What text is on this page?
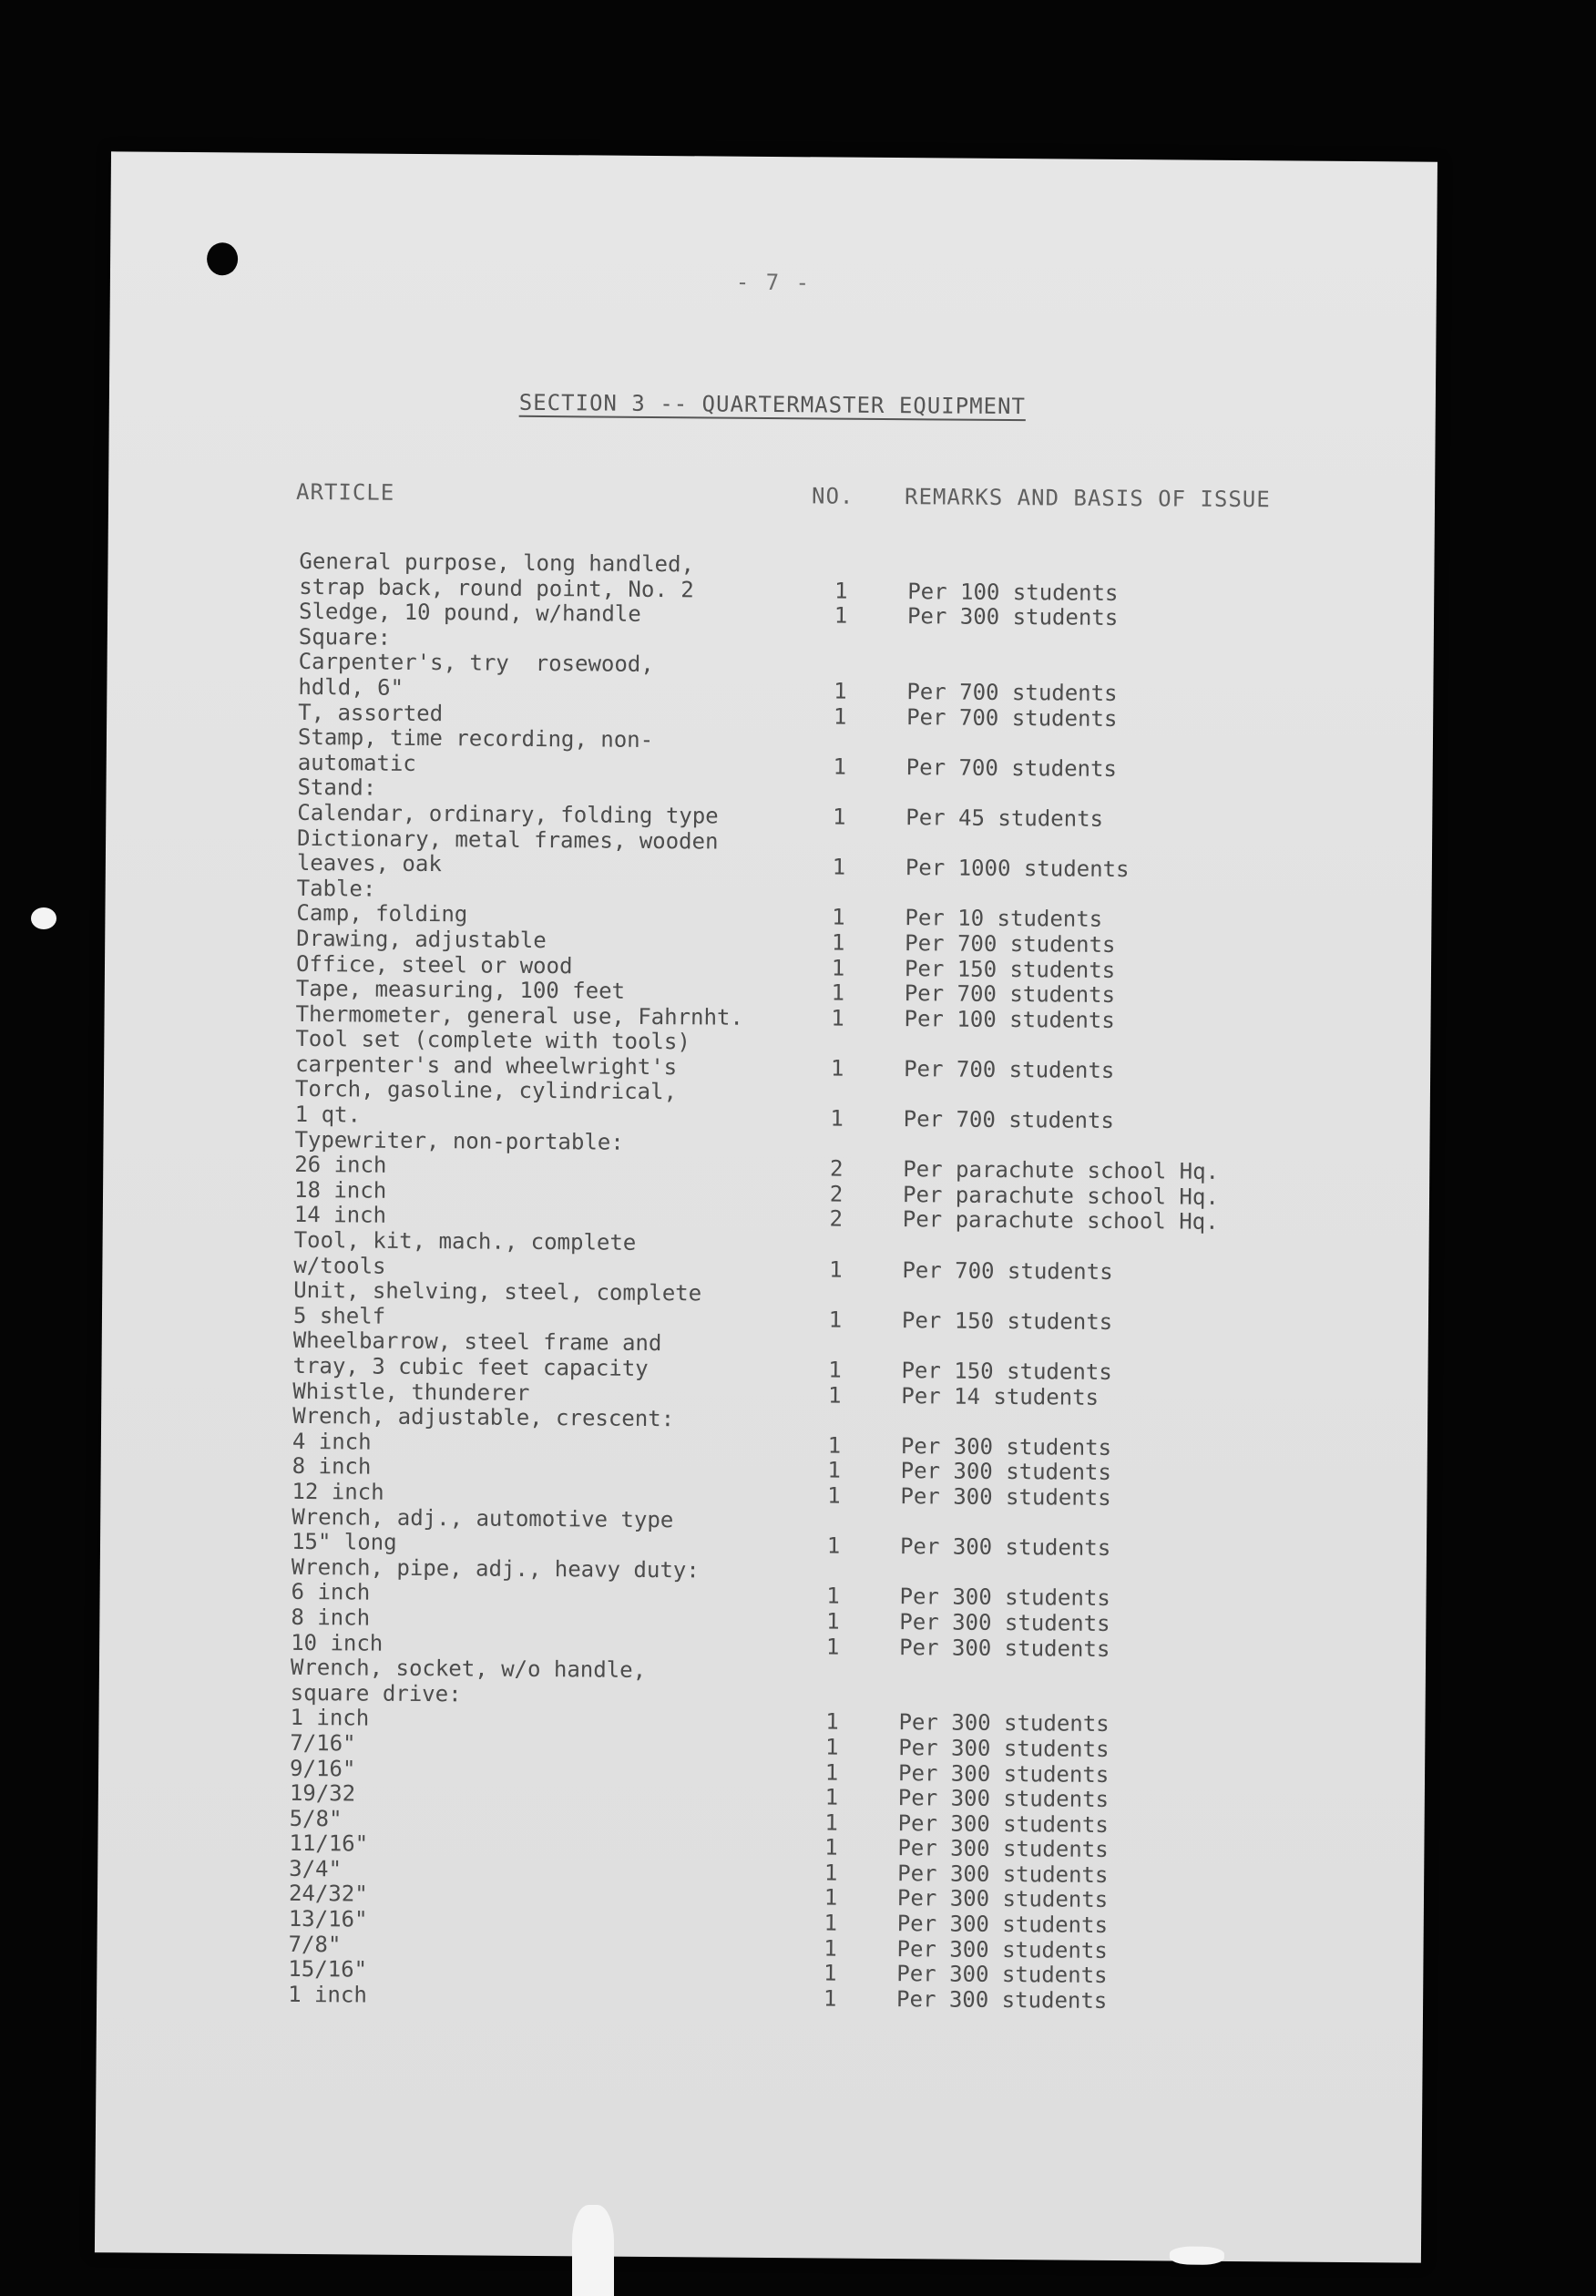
- 7 -
SECTION 3 -- QUARTERMASTER EQUIPMENT
ARTICLE	NO. REMARKS AND BASIS OF ISSUE
General purpose, long handled,
strap back, round point, No. 2	1	Per 100 students
Sledge, 10 pound, w/handle	1	Per 300 students
Square:
Carpenter's, try  rosewood,
hdld, 6"	1	Per 700 students
T, assorted	1	Per 700 students
Stamp, time recording, non-
automatic	1	Per 700 students
Stand:
Calendar, ordinary, folding type	1	Per 45 students
Dictionary, metal frames, wooden
leaves, oak	1	Per 1000 students
Table:
Camp, folding	1	Per 10 students
Drawing, adjustable	1	Per 700 students
Office, steel or wood	1	Per 150 students
Tape, measuring, 100 feet	1	Per 700 students
Thermometer, general use, Fahrnht.	1	Per 100 students
Tool set (complete with tools)
carpenter's and wheelwright's	1	Per 700 students
Torch, gasoline, cylindrical,
1 qt.	1	Per 700 students
Typewriter, non-portable:
26 inch	2	Per parachute school Hq.
18 inch	2	Per parachute school Hq.
14 inch	2	Per parachute school Hq.
Tool, kit, mach., complete
w/tools	1	Per 700 students
Unit, shelving, steel, complete
5 shelf	1	Per 150 students
Wheelbarrow, steel frame and
tray, 3 cubic feet capacity	1	Per 150 students
Whistle, thunderer	1	Per 14 students
Wrench, adjustable, crescent:
4 inch	1	Per 300 students
8 inch	1	Per 300 students
12 inch	1	Per 300 students
Wrench, adj., automotive type
15" long	1	Per 300 students
Wrench, pipe, adj., heavy duty:
6 inch	1	Per 300 students
8 inch	1	Per 300 students
10 inch	1	Per 300 students
Wrench, socket, w/o handle,
square drive:
1 inch	1	Per 300 students
7/16"	1	Per 300 students
9/16"	1	Per 300 students
19/32	1	Per 300 students
5/8"	1	Per 300 students
11/16"	1	Per 300 students
3/4"	1	Per 300 students
24/32"	1	Per 300 students
13/16"	1	Per 300 students
7/8"	1	Per 300 students
15/16"	1	Per 300 students
1 inch	1	Per 300 students
